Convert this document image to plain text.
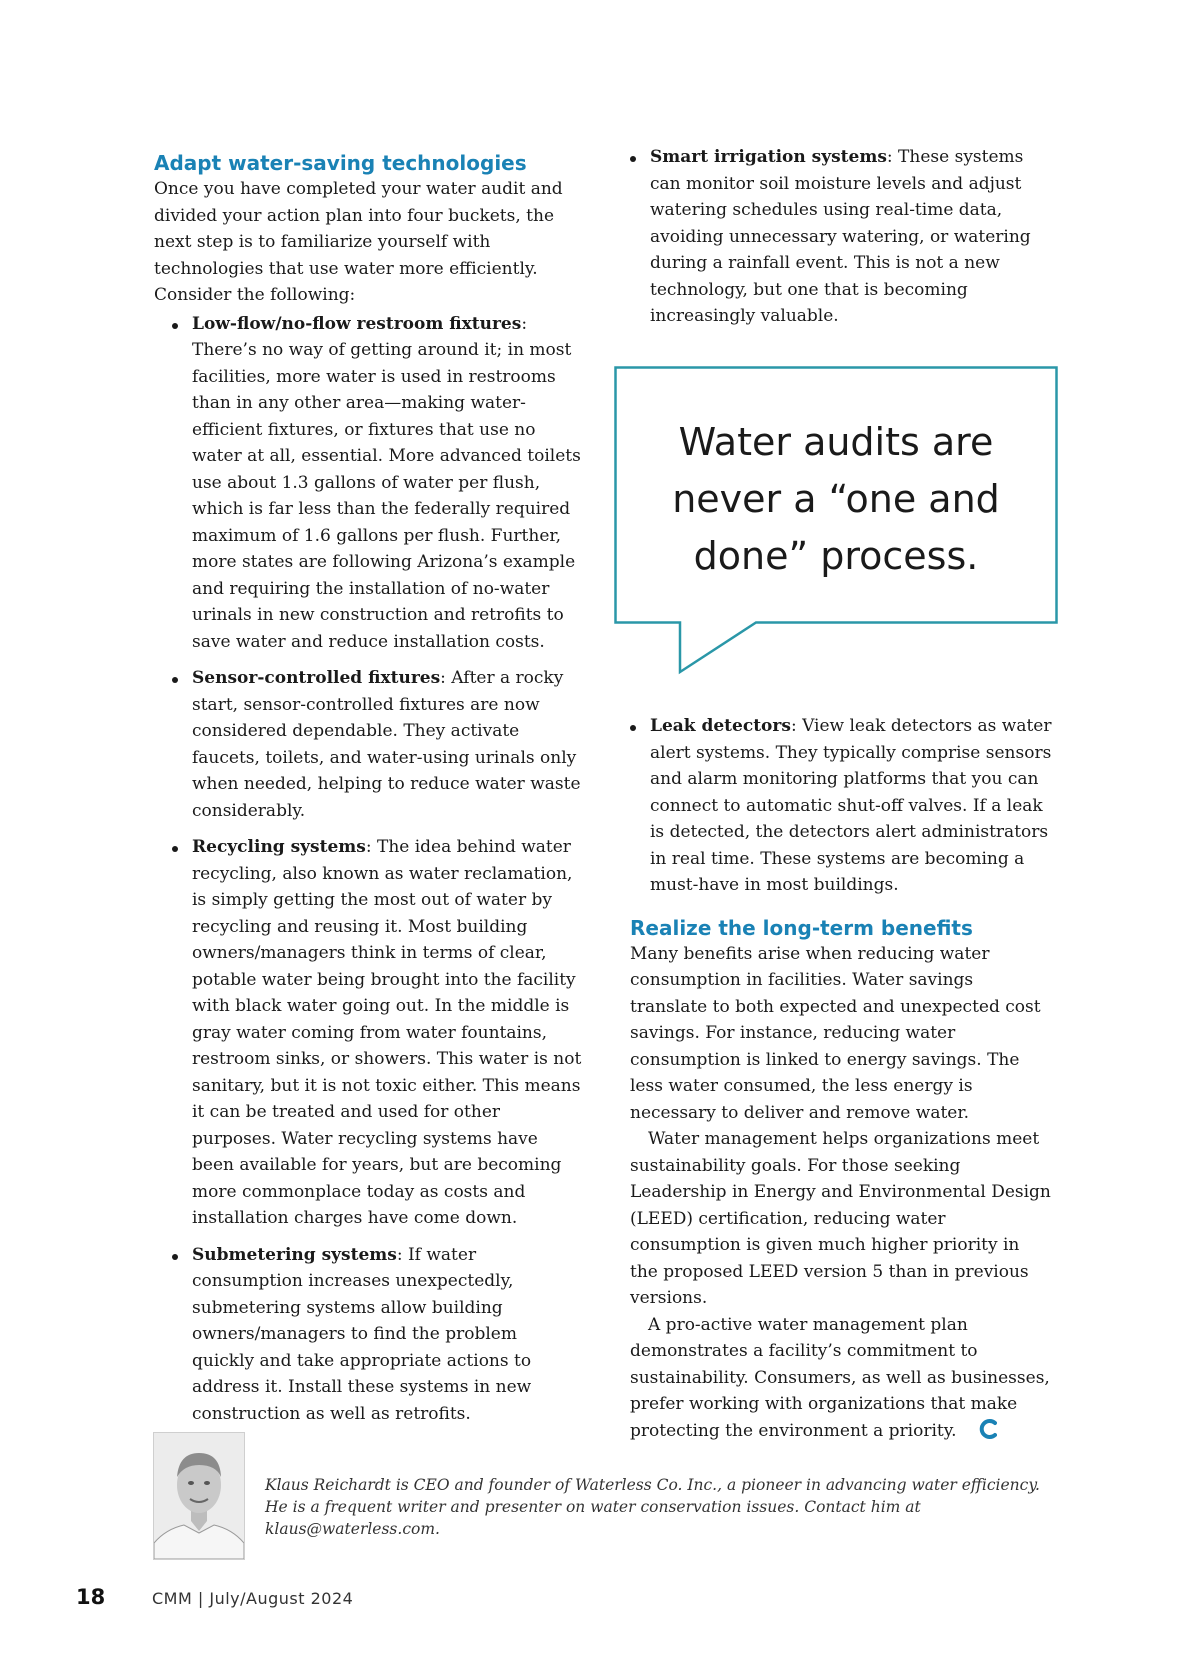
Adapt water-saving technologies

Once you have completed your water audit and divided your action plan into four buckets, the next step is to familiarize yourself with technologies that use water more efficiently. Consider the following:

Low-flow/no-flow restroom fixtures: There’s no way of getting around it; in most facilities, more water is used in restrooms than in any other area—making water-efficient fixtures, or fixtures that use no water at all, essential. More advanced toilets use about 1.3 gallons of water per flush, which is far less than the federally required maximum of 1.6 gallons per flush. Further, more states are following Arizona’s example and requiring the installation of no-water urinals in new construction and retrofits to save water and reduce installation costs.
Sensor-controlled fixtures: After a rocky start, sensor-controlled fixtures are now considered dependable. They activate faucets, toilets, and water-using urinals only when needed, helping to reduce water waste considerably.
Recycling systems: The idea behind water recycling, also known as water reclamation, is simply getting the most out of water by recycling and reusing it. Most building owners/managers think in terms of clear, potable water being brought into the facility with black water going out. In the middle is gray water coming from water fountains, restroom sinks, or showers. This water is not sanitary, but it is not toxic either. This means it can be treated and used for other purposes. Water recycling systems have been available for years, but are becoming more commonplace today as costs and installation charges have come down.
Submetering systems: If water consumption increases unexpectedly, submetering systems allow building owners/managers to find the problem quickly and take appropriate actions to address it. Install these systems in new construction as well as retrofits.
Smart irrigation systems: These systems can monitor soil moisture levels and adjust watering schedules using real-time data, avoiding unnecessary watering, or watering during a rainfall event. This is not a new technology, but one that is becoming increasingly valuable.
Water audits are never a “one and done” process.
Leak detectors: View leak detectors as water alert systems. They typically comprise sensors and alarm monitoring platforms that you can connect to automatic shut-off valves. If a leak is detected, the detectors alert administrators in real time. These systems are becoming a must-have in most buildings.
Realize the long-term benefits

Many benefits arise when reducing water consumption in facilities. Water savings translate to both expected and unexpected cost savings. For instance, reducing water consumption is linked to energy savings. The less water consumed, the less energy is necessary to deliver and remove water.

Water management helps organizations meet sustainability goals. For those seeking Leadership in Energy and Environmental Design (LEED) certification, reducing water consumption is given much higher priority in the proposed LEED version 5 than in previous versions.

A pro-active water management plan demonstrates a facility’s commitment to sustainability. Consumers, as well as businesses, prefer working with organizations that make protecting the environment a priority.

Klaus Reichardt is CEO and founder of Waterless Co. Inc., a pioneer in advancing water efficiency. He is a frequent writer and presenter on water conservation issues. Contact him at klaus@waterless.com.
18	CMM | July/August 2024
